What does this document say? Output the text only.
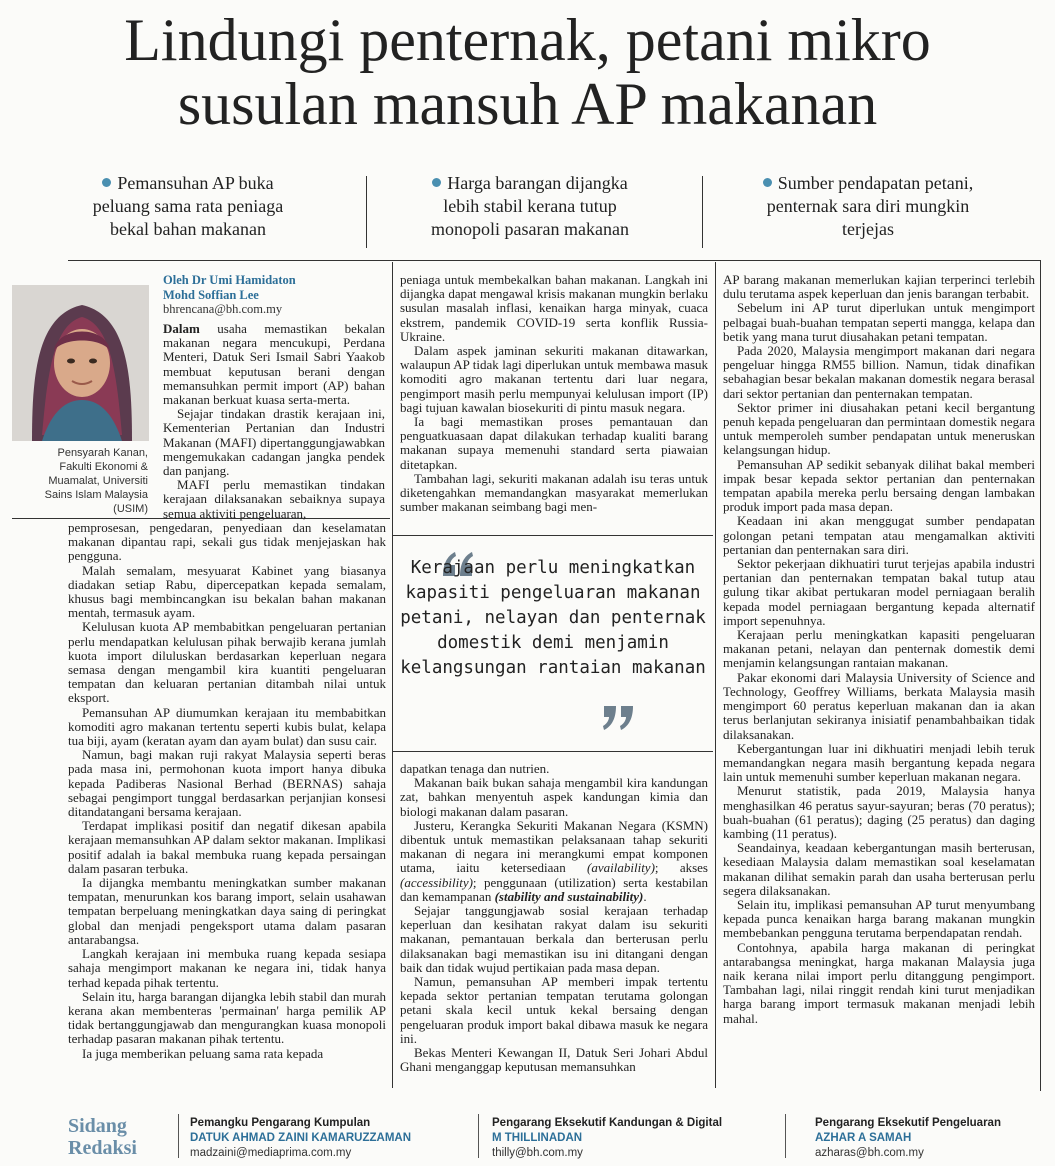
Lindungi penternak, petani mikro
susulan mansuh AP makanan
Pemansuhan AP buka
peluang sama rata peniaga
bekal bahan makanan
Harga barangan dijangka
lebih stabil kerana tutup
monopoli pasaran makanan
Sumber pendapatan petani,
penternak sara diri mungkin
terjejas
Pensyarah Kanan,
Fakulti Ekonomi &
Muamalat, Universiti
Sains Islam Malaysia
(USIM)
Oleh Dr Umi Hamidaton
Mohd Soffian Lee
bhrencana@bh.com.my

Dalam usaha memastikan bekalan makanan negara mencukupi, Perdana Menteri, Datuk Seri Ismail Sabri Yaakob membuat keputusan berani dengan memansuhkan permit import (AP) bahan makanan berkuat kuasa serta-merta.

Sejajar tindakan drastik kerajaan ini, Kementerian Pertanian dan Industri Makanan (MAFI) dipertanggungjawabkan mengemukakan cadangan jangka pendek dan panjang.

MAFI perlu memastikan tindakan kerajaan dilaksanakan sebaiknya supaya semua aktiviti pengeluaran,

pemprosesan, pengedaran, penyediaan dan keselamatan makanan dipantau rapi, sekali gus tidak menjejaskan hak pengguna.

Malah semalam, mesyuarat Kabinet yang biasanya diadakan setiap Rabu, dipercepatkan kepada semalam, khusus bagi membincangkan isu bekalan bahan makanan mentah, termasuk ayam.

Kelulusan kuota AP membabitkan pengeluaran pertanian perlu mendapatkan kelulusan pihak berwajib kerana jumlah kuota import diluluskan berdasarkan keperluan negara semasa dengan mengambil kira kuantiti pengeluaran tempatan dan keluaran pertanian ditambah nilai untuk eksport.

Pemansuhan AP diumumkan kerajaan itu membabitkan komoditi agro makanan tertentu seperti kubis bulat, kelapa tua biji, ayam (keratan ayam dan ayam bulat) dan susu cair.

Namun, bagi makan ruji rakyat Malaysia seperti beras pada masa ini, permohonan kuota import hanya dibuka kepada Padiberas Nasional Berhad (BERNAS) sahaja sebagai pengimport tunggal berdasarkan perjanjian konsesi ditandatangani bersama kerajaan.

Terdapat implikasi positif dan negatif dikesan apabila kerajaan memansuhkan AP dalam sektor makanan. Implikasi positif adalah ia bakal membuka ruang kepada persaingan dalam pasaran terbuka.

Ia dijangka membantu meningkatkan sumber makanan tempatan, menurunkan kos barang import, selain usahawan tempatan berpeluang meningkatkan daya saing di peringkat global dan menjadi pengeksport utama dalam pasaran antarabangsa.

Langkah kerajaan ini membuka ruang kepada sesiapa sahaja mengimport makanan ke negara ini, tidak hanya terhad kepada pihak tertentu.

Selain itu, harga barangan dijangka lebih stabil dan murah kerana akan membenteras 'permainan' harga pemilik AP tidak bertanggungjawab dan mengurangkan kuasa monopoli terhadap pasaran makanan pihak tertentu.

Ia juga memberikan peluang sama rata kepada

peniaga untuk membekalkan bahan makanan. Langkah ini dijangka dapat mengawal krisis makanan mungkin berlaku susulan masalah inflasi, kenaikan harga minyak, cuaca ekstrem, pandemik COVID-19 serta konflik Russia-Ukraine.

Dalam aspek jaminan sekuriti makanan ditawarkan, walaupun AP tidak lagi diperlukan untuk membawa masuk komoditi agro makanan tertentu dari luar negara, pengimport masih perlu mempunyai kelulusan import (IP) bagi tujuan kawalan biosekuriti di pintu masuk negara.

Ia bagi memastikan proses pemantauan dan penguatkuasaan dapat dilakukan terhadap kualiti barang makanan supaya memenuhi standard serta piawaian ditetapkan.

Tambahan lagi, sekuriti makanan adalah isu teras untuk diketengahkan memandangkan masyarakat memerlukan sumber makanan seimbang bagi men-

Kerajaan perlu meningkatkan kapasiti pengeluaran makanan petani, nelayan dan penternak domestik demi menjamin kelangsungan rantaian makanan

dapatkan tenaga dan nutrien.

Makanan baik bukan sahaja mengambil kira kandungan zat, bahkan menyentuh aspek kandungan kimia dan biologi makanan dalam pasaran.

Justeru, Kerangka Sekuriti Makanan Negara (KSMN) dibentuk untuk memastikan pelaksanaan tahap sekuriti makanan di negara ini merangkumi empat komponen utama, iaitu ketersediaan (availability); akses (accessibility); penggunaan (utilization) serta kestabilan dan kemampanan (stability and sustainability).

Sejajar tanggungjawab sosial kerajaan terhadap keperluan dan kesihatan rakyat dalam isu sekuriti makanan, pemantauan berkala dan berterusan perlu dilaksanakan bagi memastikan isu ini ditangani dengan baik dan tidak wujud pertikaian pada masa depan.

Namun, pemansuhan AP memberi impak tertentu kepada sektor pertanian tempatan terutama golongan petani skala kecil untuk kekal bersaing dengan pengeluaran produk import bakal dibawa masuk ke negara ini.

Bekas Menteri Kewangan II, Datuk Seri Johari Abdul Ghani menganggap keputusan memansuhkan

AP barang makanan memerlukan kajian terperinci terlebih dulu terutama aspek keperluan dan jenis barangan terbabit.

Sebelum ini AP turut diperlukan untuk mengimport pelbagai buah-buahan tempatan seperti mangga, kelapa dan betik yang mana turut diusahakan petani tempatan.

Pada 2020, Malaysia mengimport makanan dari negara pengeluar hingga RM55 billion. Namun, tidak dinafikan sebahagian besar bekalan makanan domestik negara berasal dari sektor pertanian dan penternakan tempatan.

Sektor primer ini diusahakan petani kecil bergantung penuh kepada pengeluaran dan permintaan domestik negara untuk memperoleh sumber pendapatan untuk meneruskan kelangsungan hidup.

Pemansuhan AP sedikit sebanyak dilihat bakal memberi impak besar kepada sektor pertanian dan penternakan tempatan apabila mereka perlu bersaing dengan lambakan produk import pada masa depan.

Keadaan ini akan menggugat sumber pendapatan golongan petani tempatan atau mengamalkan aktiviti pertanian dan penternakan sara diri.

Sektor pekerjaan dikhuatiri turut terjejas apabila industri pertanian dan penternakan tempatan bakal tutup atau gulung tikar akibat pertukaran model perniagaan beralih kepada model perniagaan bergantung kepada alternatif import sepenuhnya.

Kerajaan perlu meningkatkan kapasiti pengeluaran makanan petani, nelayan dan penternak domestik demi menjamin kelangsungan rantaian makanan.

Pakar ekonomi dari Malaysia University of Science and Technology, Geoffrey Williams, berkata Malaysia masih mengimport 60 peratus keperluan makanan dan ia akan terus berlanjutan sekiranya inisiatif penambahbaikan tidak dilaksanakan.

Kebergantungan luar ini dikhuatiri menjadi lebih teruk memandangkan negara masih bergantung kepada negara lain untuk memenuhi sumber keperluan makanan negara.

Menurut statistik, pada 2019, Malaysia hanya menghasilkan 46 peratus sayur-sayuran; beras (70 peratus); buah-buahan (61 peratus); daging (25 peratus) dan daging kambing (11 peratus).

Seandainya, keadaan kebergantungan masih berterusan, kesediaan Malaysia dalam memastikan soal keselamatan makanan dilihat semakin parah dan usaha berterusan perlu segera dilaksanakan.

Selain itu, implikasi pemansuhan AP turut menyumbang kepada punca kenaikan harga barang makanan mungkin membebankan pengguna terutama berpendapatan rendah.

Contohnya, apabila harga makanan di peringkat antarabangsa meningkat, harga makanan Malaysia juga naik kerana nilai import perlu ditanggung pengimport. Tambahan lagi, nilai ringgit rendah kini turut menjadikan harga barang import termasuk makanan menjadi lebih mahal.

Sidang
Redaksi
Pemangku Pengarang Kumpulan
DATUK AHMAD ZAINI KAMARUZZAMAN
madzaini@mediaprima.com.my
Pengarang Eksekutif Kandungan & Digital
M THILLINADAN
thilly@bh.com.my
Pengarang Eksekutif Pengeluaran
AZHAR A SAMAH
azharas@bh.com.my
